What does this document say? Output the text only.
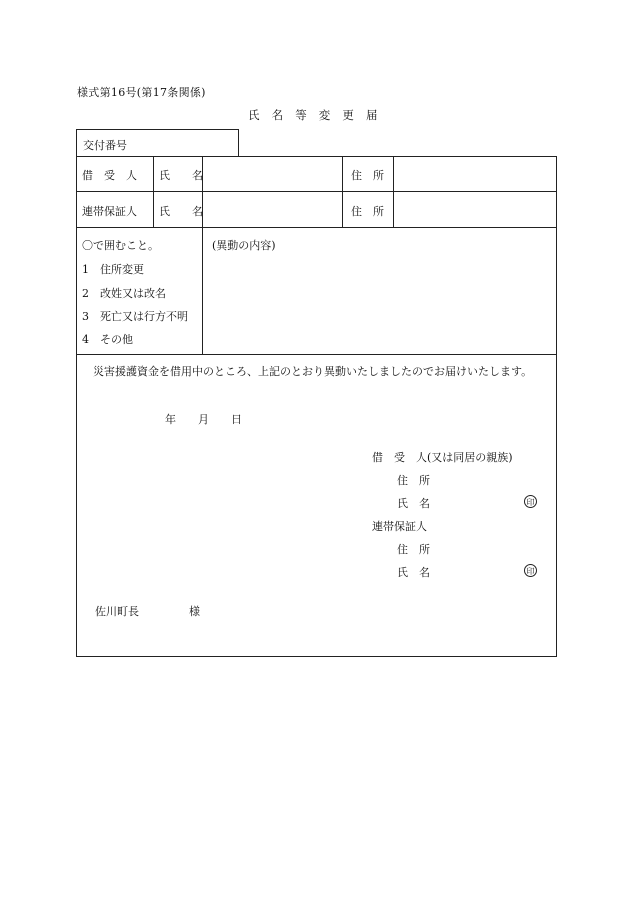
様式第16号(第17条関係)
氏　名　等　変　更　届
交付番号
借　受　人 氏　　名	住　所
連帯保証人 氏　　名	住　所
〇で囲むこと。
1　住所変更
2　改姓又は改名
3　死亡又は行方不明
4　その他
(異動の内容)
災害援護資金を借用中のところ、上記のとおり異動いたしましたのでお届けいたします。
年　　月　　日
借　受　人(又は同居の親族)
住　所
氏　名	印
連帯保証人
住　所
氏　名	印
佐川町長	様
